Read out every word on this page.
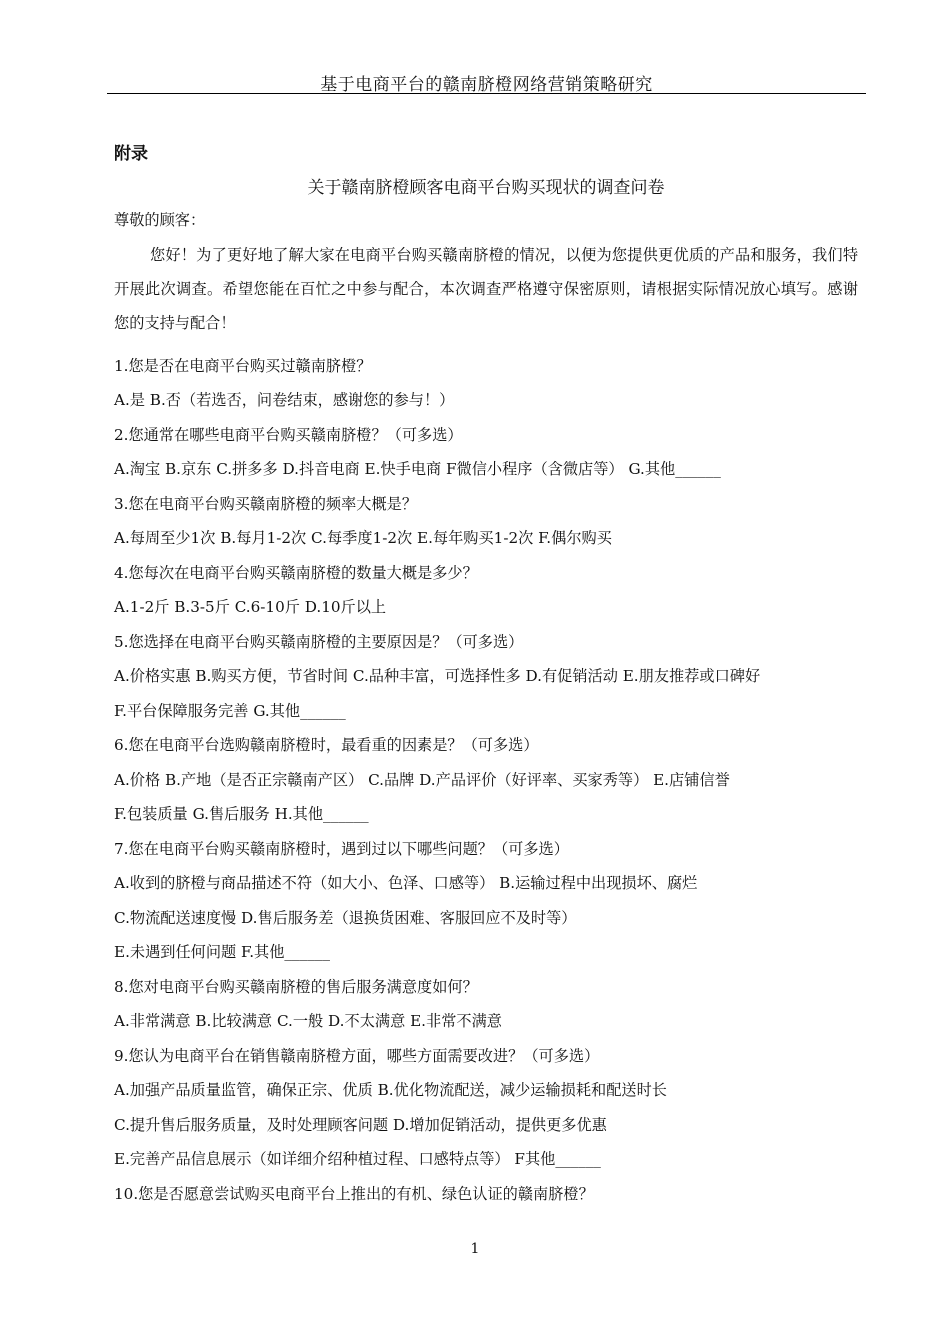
基于电商平台的赣南脐橙网络营销策略研究
附录
关于赣南脐橙顾客电商平台购买现状的调查问卷
尊敬的顾客：
您好！为了更好地了解大家在电商平台购买赣南脐橙的情况，以便为您提供更优质的产品和服务，我们特开展此次调查。希望您能在百忙之中参与配合，本次调查严格遵守保密原则，请根据实际情况放心填写。感谢您的支持与配合！
1.您是否在电商平台购买过赣南脐橙？
A.是 B.否（若选否，问卷结束，感谢您的参与！）
2.您通常在哪些电商平台购买赣南脐橙？（可多选）
A.淘宝 B.京东 C.拼多多 D.抖音电商 E.快手电商 F微信小程序（含微店等） G.其他______
3.您在电商平台购买赣南脐橙的频率大概是？
A.每周至少1次 B.每月1-2次 C.每季度1-2次 E.每年购买1-2次 F.偶尔购买
4.您每次在电商平台购买赣南脐橙的数量大概是多少？
A.1-2斤 B.3-5斤 C.6-10斤 D.10斤以上
5.您选择在电商平台购买赣南脐橙的主要原因是？（可多选）
A.价格实惠 B.购买方便，节省时间 C.品种丰富，可选择性多 D.有促销活动 E.朋友推荐或口碑好
F.平台保障服务完善 G.其他______
6.您在电商平台选购赣南脐橙时，最看重的因素是？（可多选）
A.价格 B.产地（是否正宗赣南产区） C.品牌 D.产品评价（好评率、买家秀等） E.店铺信誉
F.包装质量 G.售后服务 H.其他______
7.您在电商平台购买赣南脐橙时，遇到过以下哪些问题？（可多选）
A.收到的脐橙与商品描述不符（如大小、色泽、口感等） B.运输过程中出现损坏、腐烂
C.物流配送速度慢 D.售后服务差（退换货困难、客服回应不及时等）
E.未遇到任何问题 F.其他______
8.您对电商平台购买赣南脐橙的售后服务满意度如何？
A.非常满意 B.比较满意 C.一般 D.不太满意 E.非常不满意
9.您认为电商平台在销售赣南脐橙方面，哪些方面需要改进？（可多选）
A.加强产品质量监管，确保正宗、优质 B.优化物流配送，减少运输损耗和配送时长
C.提升售后服务质量，及时处理顾客问题 D.增加促销活动，提供更多优惠
E.完善产品信息展示（如详细介绍种植过程、口感特点等） F其他______
10.您是否愿意尝试购买电商平台上推出的有机、绿色认证的赣南脐橙？
1
